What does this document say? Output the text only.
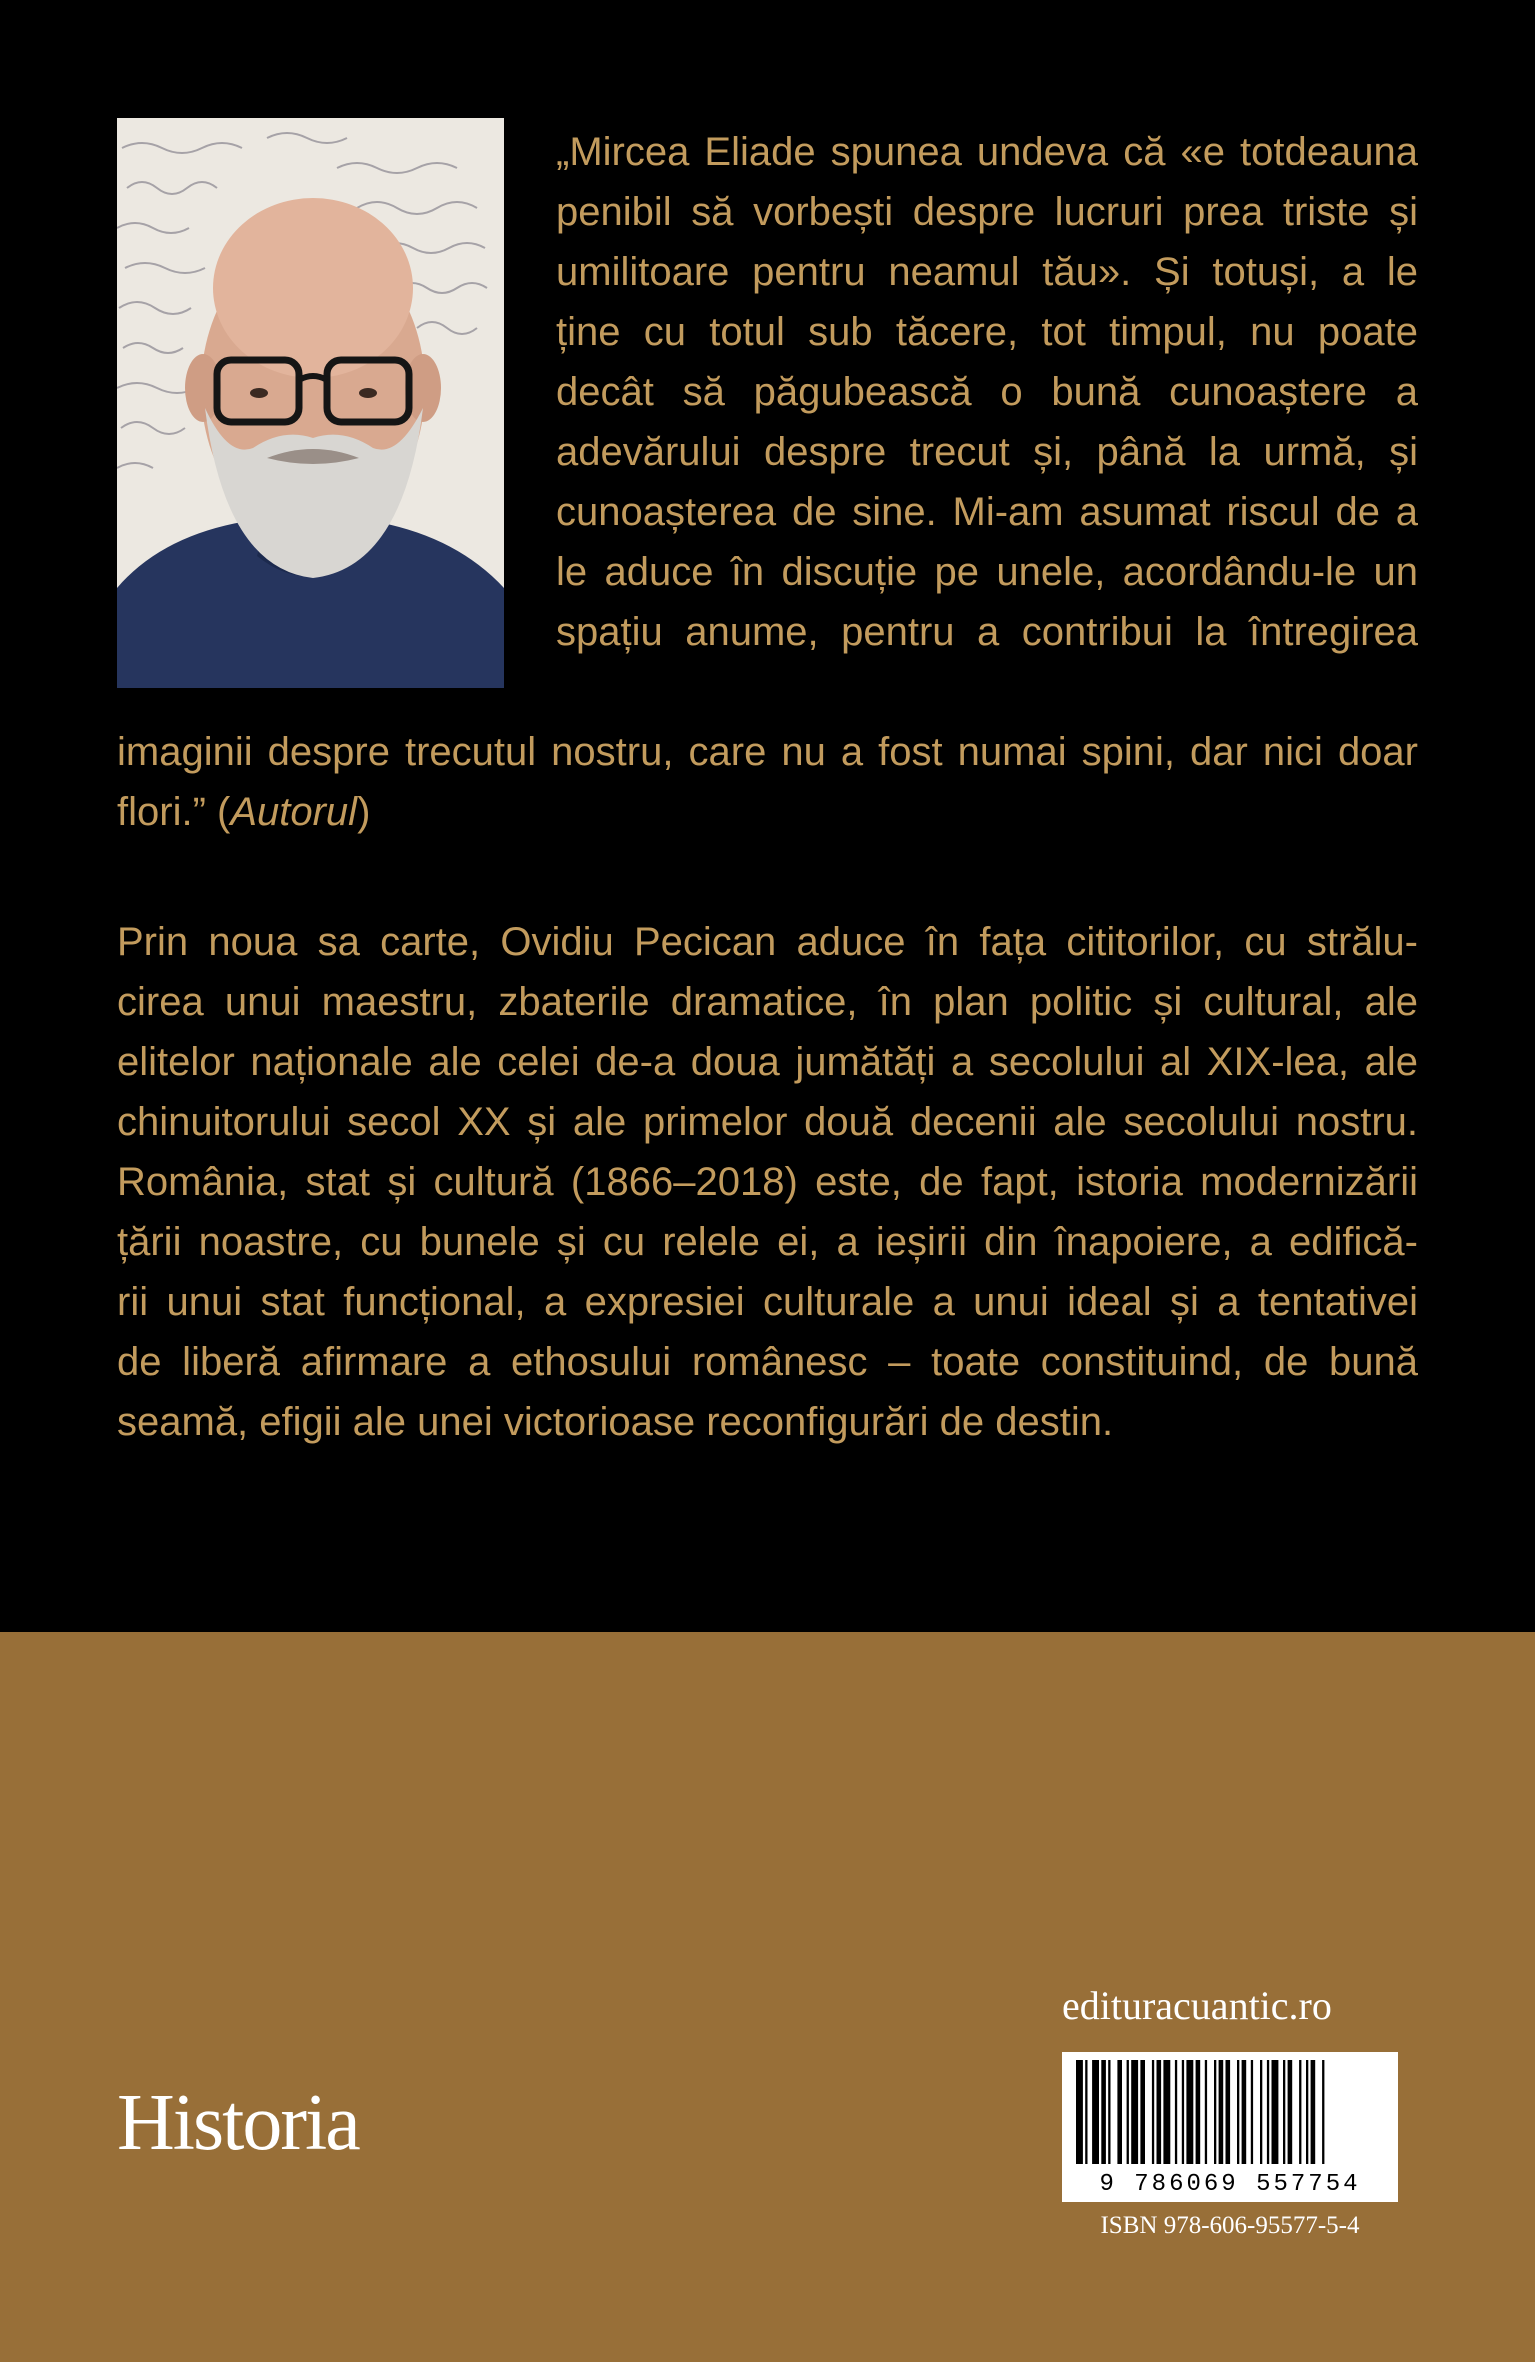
„Mircea Eliade spunea undeva că «e totdeauna
penibil să vorbești despre lucruri prea triste și
umilitoare pentru neamul tău». Și totuși, a le
ține cu totul sub tăcere, tot timpul, nu poate
decât să păgubească o bună cunoaștere a
adevărului despre trecut și, până la urmă, și
cunoașterea de sine. Mi-am asumat riscul de a
le aduce în discuție pe unele, acordându-le un
spațiu anume, pentru a contribui la întregirea
imaginii despre trecutul nostru, care nu a fost numai spini, dar nici doar
flori.” (Autorul)
Prin noua sa carte, Ovidiu Pecican aduce în fața cititorilor, cu strălu-
cirea unui maestru, zbaterile dramatice, în plan politic și cultural, ale
elitelor naționale ale celei de-a doua jumătăți a secolului al XIX-lea, ale
chinuitorului secol XX și ale primelor două decenii ale secolului nostru.
România, stat și cultură (1866–2018) este, de fapt, istoria modernizării
țării noastre, cu bunele și cu relele ei, a ieșirii din înapoiere, a edifică-
rii unui stat funcțional, a expresiei culturale a unui ideal și a tentativei
de liberă afirmare a ethosului românesc – toate constituind, de bună
seamă, efigii ale unei victorioase reconfigurări de destin.
Historia
edituracuantic.ro
9 786069 557754
ISBN 978-606-95577-5-4
